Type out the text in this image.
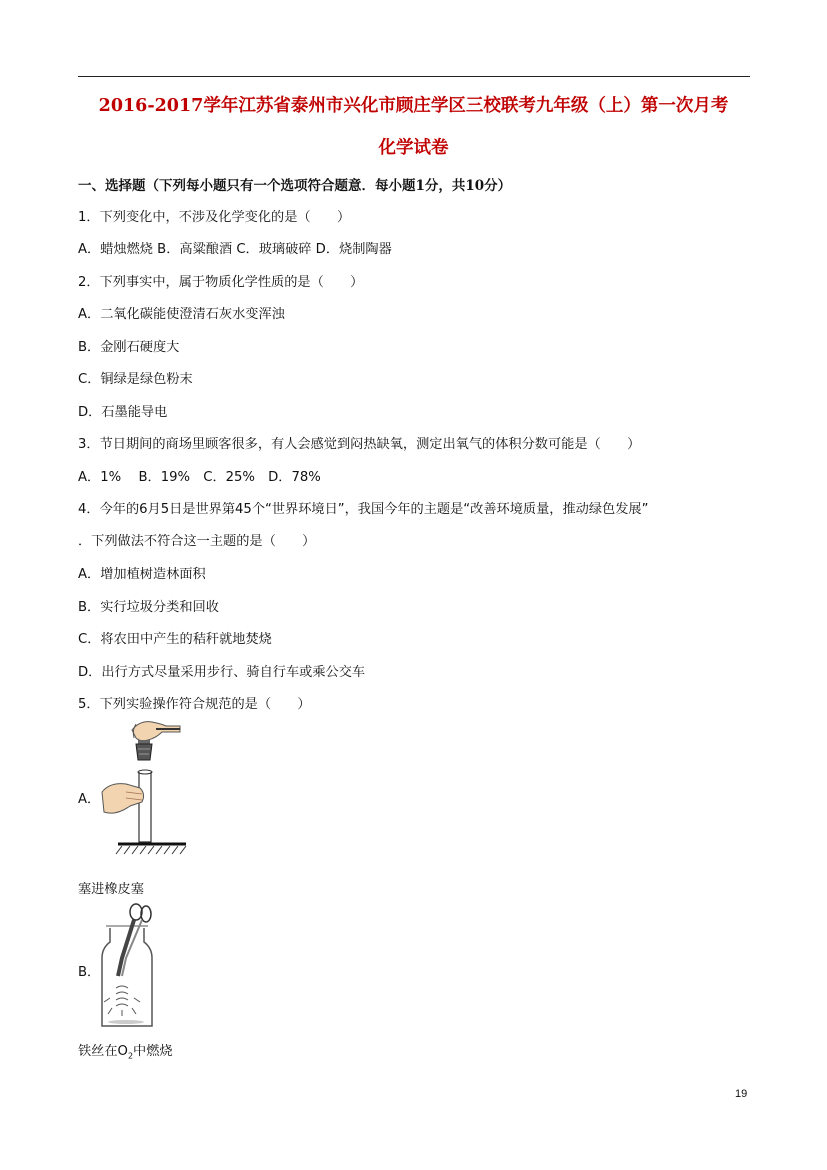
2016-2017学年江苏省泰州市兴化市顾庄学区三校联考九年级（上）第一次月考
化学试卷
一、选择题（下列每小题只有一个选项符合题意．每小题1分，共10分）
1．下列变化中，不涉及化学变化的是（　　）
A．蜡烛燃烧 B．高粱酿酒 C．玻璃破碎 D．烧制陶器
2．下列事实中，属于物质化学性质的是（　　）
A．二氧化碳能使澄清石灰水变浑浊
B．金刚石硬度大
C．铜绿是绿色粉末
D．石墨能导电
3．节日期间的商场里顾客很多，有人会感觉到闷热缺氧，测定出氧气的体积分数可能是（　　）
A．1%　 B．19%　C．25%　D．78%
4．今年的6月5日是世界第45个“世界环境日”，我国今年的主题是“改善环境质量，推动绿色发展”
．下列做法不符合这一主题的是（　　）
A．增加植树造林面积
B．实行垃圾分类和回收
C．将农田中产生的秸秆就地焚烧
D．出行方式尽量采用步行、骑自行车或乘公交车
5．下列实验操作符合规范的是（　　）
A．
塞进橡皮塞
B．
铁丝在$O_2$中燃烧
19
